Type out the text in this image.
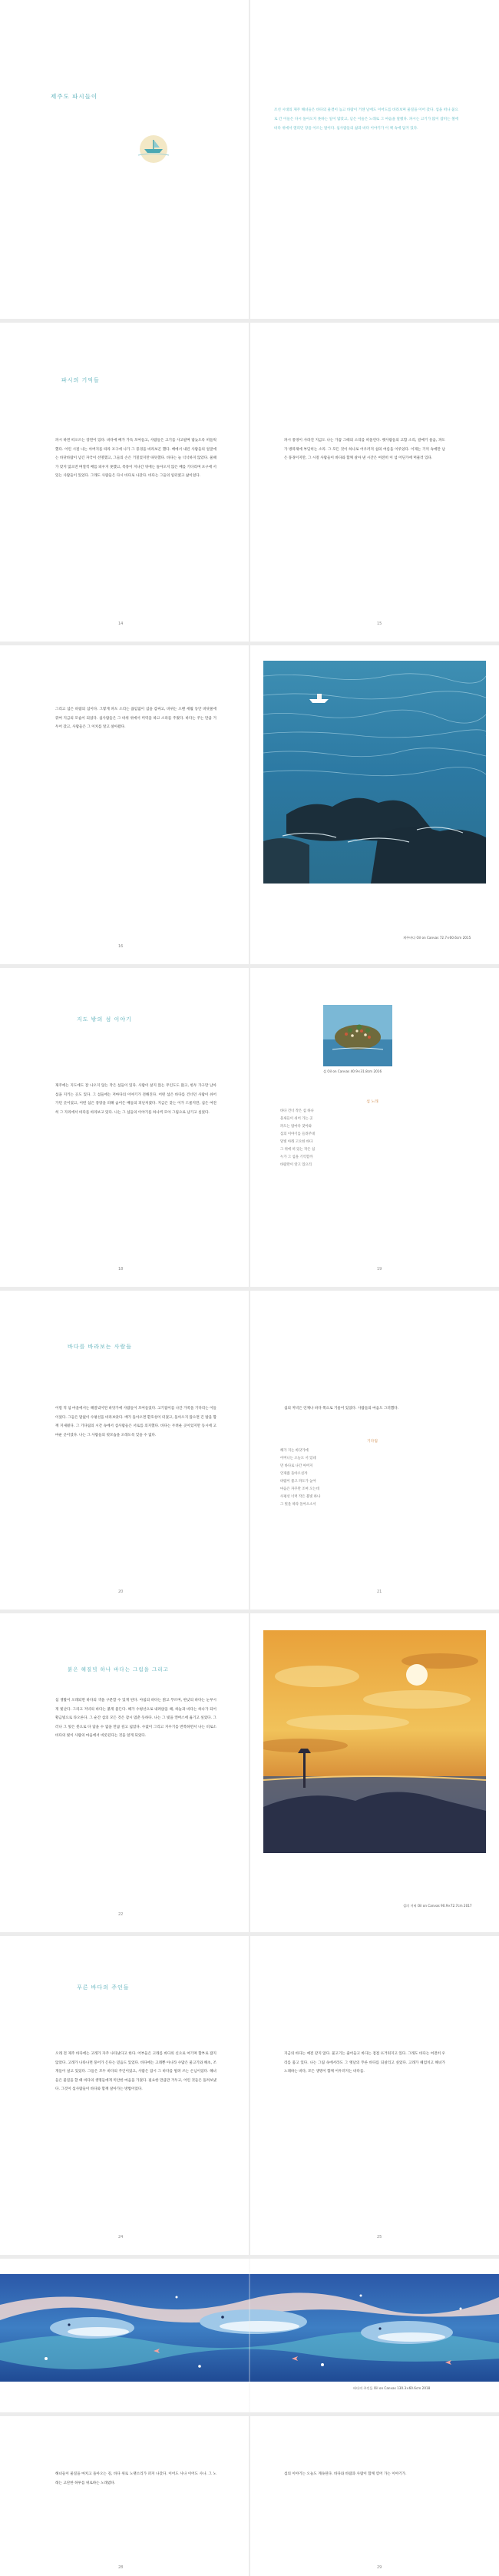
제주도 파시들이
조선 시대의 제주 해녀들은 바다의 물결이 높고 바람이 거센 날에도 이어도를 바라보며 물질을 이어 갔다. 섬을 떠나 뭍으로 간 이들은 다시 돌아오지 못하는 일이 많았고, 남은 이들은 노래로 그 마음을 달랬다. 파시는 고기가 많이 잡히는 철에 바다 위에서 열리던 장을 이르는 말이다. 섬사람들의 삶과 바다 이야기가 이 책 속에 담겨 있다.
파시의 기억들
파시 하면 떠오르는 장면이 있다. 바다에 배가 가득 모여들고, 사람들은 고기를 사고팔며 밤늦도록 떠들썩했다. 어린 시절 나는 아버지를 따라 포구에 나가 그 풍경을 바라보곤 했다. 배에서 내린 사람들의 얼굴에는 바닷바람이 남긴 자국이 선명했고, 그들의 손은 거칠었지만 따뜻했다. 바다는 늘 넉넉하지 않았다. 물때가 맞지 않으면 며칠씩 배를 띄우지 못했고, 폭풍이 지나간 뒤에는 돌아오지 않은 배를 기다리며 포구에 서 있는 사람들이 있었다. 그래도 사람들은 다시 바다로 나갔다. 바다는 그들의 일터였고 삶이었다.
14
파시 풍경이 사라진 지금도 나는 가끔 그때의 소리를 떠올린다. 뱃사람들의 고함 소리, 갈매기 울음, 파도가 방파제에 부딪히는 소리. 그 모든 것이 하나로 어우러져 섬의 여름을 이루었다. 이제는 기억 속에만 남은 풍경이지만, 그 시절 사람들이 바다와 함께 살아 낸 시간은 여전히 이 섬 어딘가에 머물러 있다.
15
그리고 섬은 바람의 섬이다. 그렇게 파도 소리는 끊임없이 섬을 감싸고, 바위는 오랜 세월 동안 바닷물에 깎여 지금의 모습이 되었다. 섬사람들은 그 바위 위에서 미역을 따고 소라를 주웠다. 바다는 주는 만큼 거두어 갔고, 사람들은 그 이치를 알고 살아왔다.
16
제주바다 Oil on Canvas 72.7×60.6cm 2015
지도 밖의 섬 이야기
제주에는 지도에도 잘 나오지 않는 작은 섬들이 있다. 사람이 살지 않는 무인도도 많고, 한두 가구만 남아 섬을 지키는 곳도 있다. 그 섬들에는 저마다의 이야기가 전해진다. 어떤 섬은 바다를 건너던 사람이 쉬어 가던 곳이었고, 어떤 섬은 풍랑을 피해 숨어든 배들의 피난처였다. 지금은 찾는 이가 드물지만, 섬은 여전히 그 자리에서 바다를 바라보고 있다. 나는 그 섬들의 이야기를 하나씩 모아 그림으로 남기고 싶었다.
18
섬 Oil on Canvas 40.9×31.8cm 2016
섬 노래
바다 건너 작은 섬 하나
물새들이 쉬어 가는 곳
파도는 밤마다 찾아와
섬의 이야기를 들려주네
달빛 아래 고요한 바다
그 위에 떠 있는 작은 섬
누가 그 섬을 기억할까
바람만이 알고 있으리
19
바다를 바라보는 사람들
어릴 적 섬 마을에서는 해질녘이면 바닷가에 사람들이 모여들었다. 고기잡이를 나간 가족을 기다리는 이들이었다. 그들은 말없이 수평선을 바라보았다. 배가 돌아오면 환호성이 터졌고, 돌아오지 않으면 긴 밤을 함께 지새웠다. 그 기다림의 시간 속에서 섬사람들은 서로를 의지했다. 바다는 두려운 곳이었지만 동시에 고마운 곳이었다. 나는 그 사람들의 뒷모습을 오래도록 잊을 수 없다.
20
섬의 저녁은 언제나 바다 쪽으로 기울어 있었다. 사람들의 마음도 그러했다.
기다림
해가 지는 바닷가에
어머니는 오늘도 서 있네
먼 바다로 나간 아버지
언제쯤 돌아오실까
바람이 불고 파도가 높아
마음은 자꾸만 조여 오는데
수평선 너머 작은 불빛 하나
그 빛을 따라 돌아오소서
21
붉은 해질녘 하나 바다는 그림을 그리고
섬 생활이 오래되면 바다의 색을 구분할 수 있게 된다. 아침의 바다는 맑고 푸르며, 한낮의 바다는 눈부시게 빛난다. 그리고 저녁의 바다는 붉게 물든다. 해가 수평선으로 내려앉을 때, 하늘과 바다는 하나가 되어 황금빛으로 타오른다. 그 순간 섬의 모든 것은 잠시 멈춘 듯하다. 나는 그 빛을 캔버스에 옮기고 싶었다. 그러나 그 빛은 붓으로 다 담을 수 없을 만큼 깊고 넓었다. 수없이 그리고 지우기를 반복하면서 나는 비로소 바다의 빛이 사람의 마음에서 비롯된다는 것을 알게 되었다.
22
섬의 저녁 Oil on Canvas 90.9×72.7cm 2017
푸른 바다의 주인들
오래 전 제주 바다에는 고래가 자주 나타났다고 한다. 어부들은 고래를 바다의 신으로 여기며 함부로 잡지 않았다. 고래가 나타나면 풍어가 든다는 믿음도 있었다. 바다에는 고래뿐 아니라 수많은 물고기와 해초, 조개들이 살고 있었다. 그들은 모두 바다의 주인이었고, 사람은 잠시 그 바다를 빌려 쓰는 손님이었다. 해녀들은 물질을 할 때 바다의 생명들에게 미안한 마음을 가졌다. 필요한 만큼만 거두고, 어린 것들은 돌려보냈다. 그것이 섬사람들이 바다와 함께 살아가는 방법이었다.
24
지금의 바다는 예전 같지 않다. 물고기는 줄어들고 바다는 점점 뜨거워지고 있다. 그래도 바다는 여전히 우리를 품고 있다. 나는 그림 속에서라도 그 옛날의 푸른 바다를 되살리고 싶었다. 고래가 헤엄치고 해녀가 노래하는 바다, 모든 생명이 함께 어우러지는 바다를.
25
바다의 주인들 Oil on Canvas 130.3×60.6cm 2018
해녀들이 물질을 마치고 돌아오는 길, 바다 위로 노랫소리가 퍼져 나갔다. 이어도 사나 이어도 사나. 그 노래는 고단한 하루를 위로하는 노래였다.
28
섬의 이야기는 오늘도 계속된다. 바다와 바람과 사람이 함께 엮어 가는 이야기가.
29
